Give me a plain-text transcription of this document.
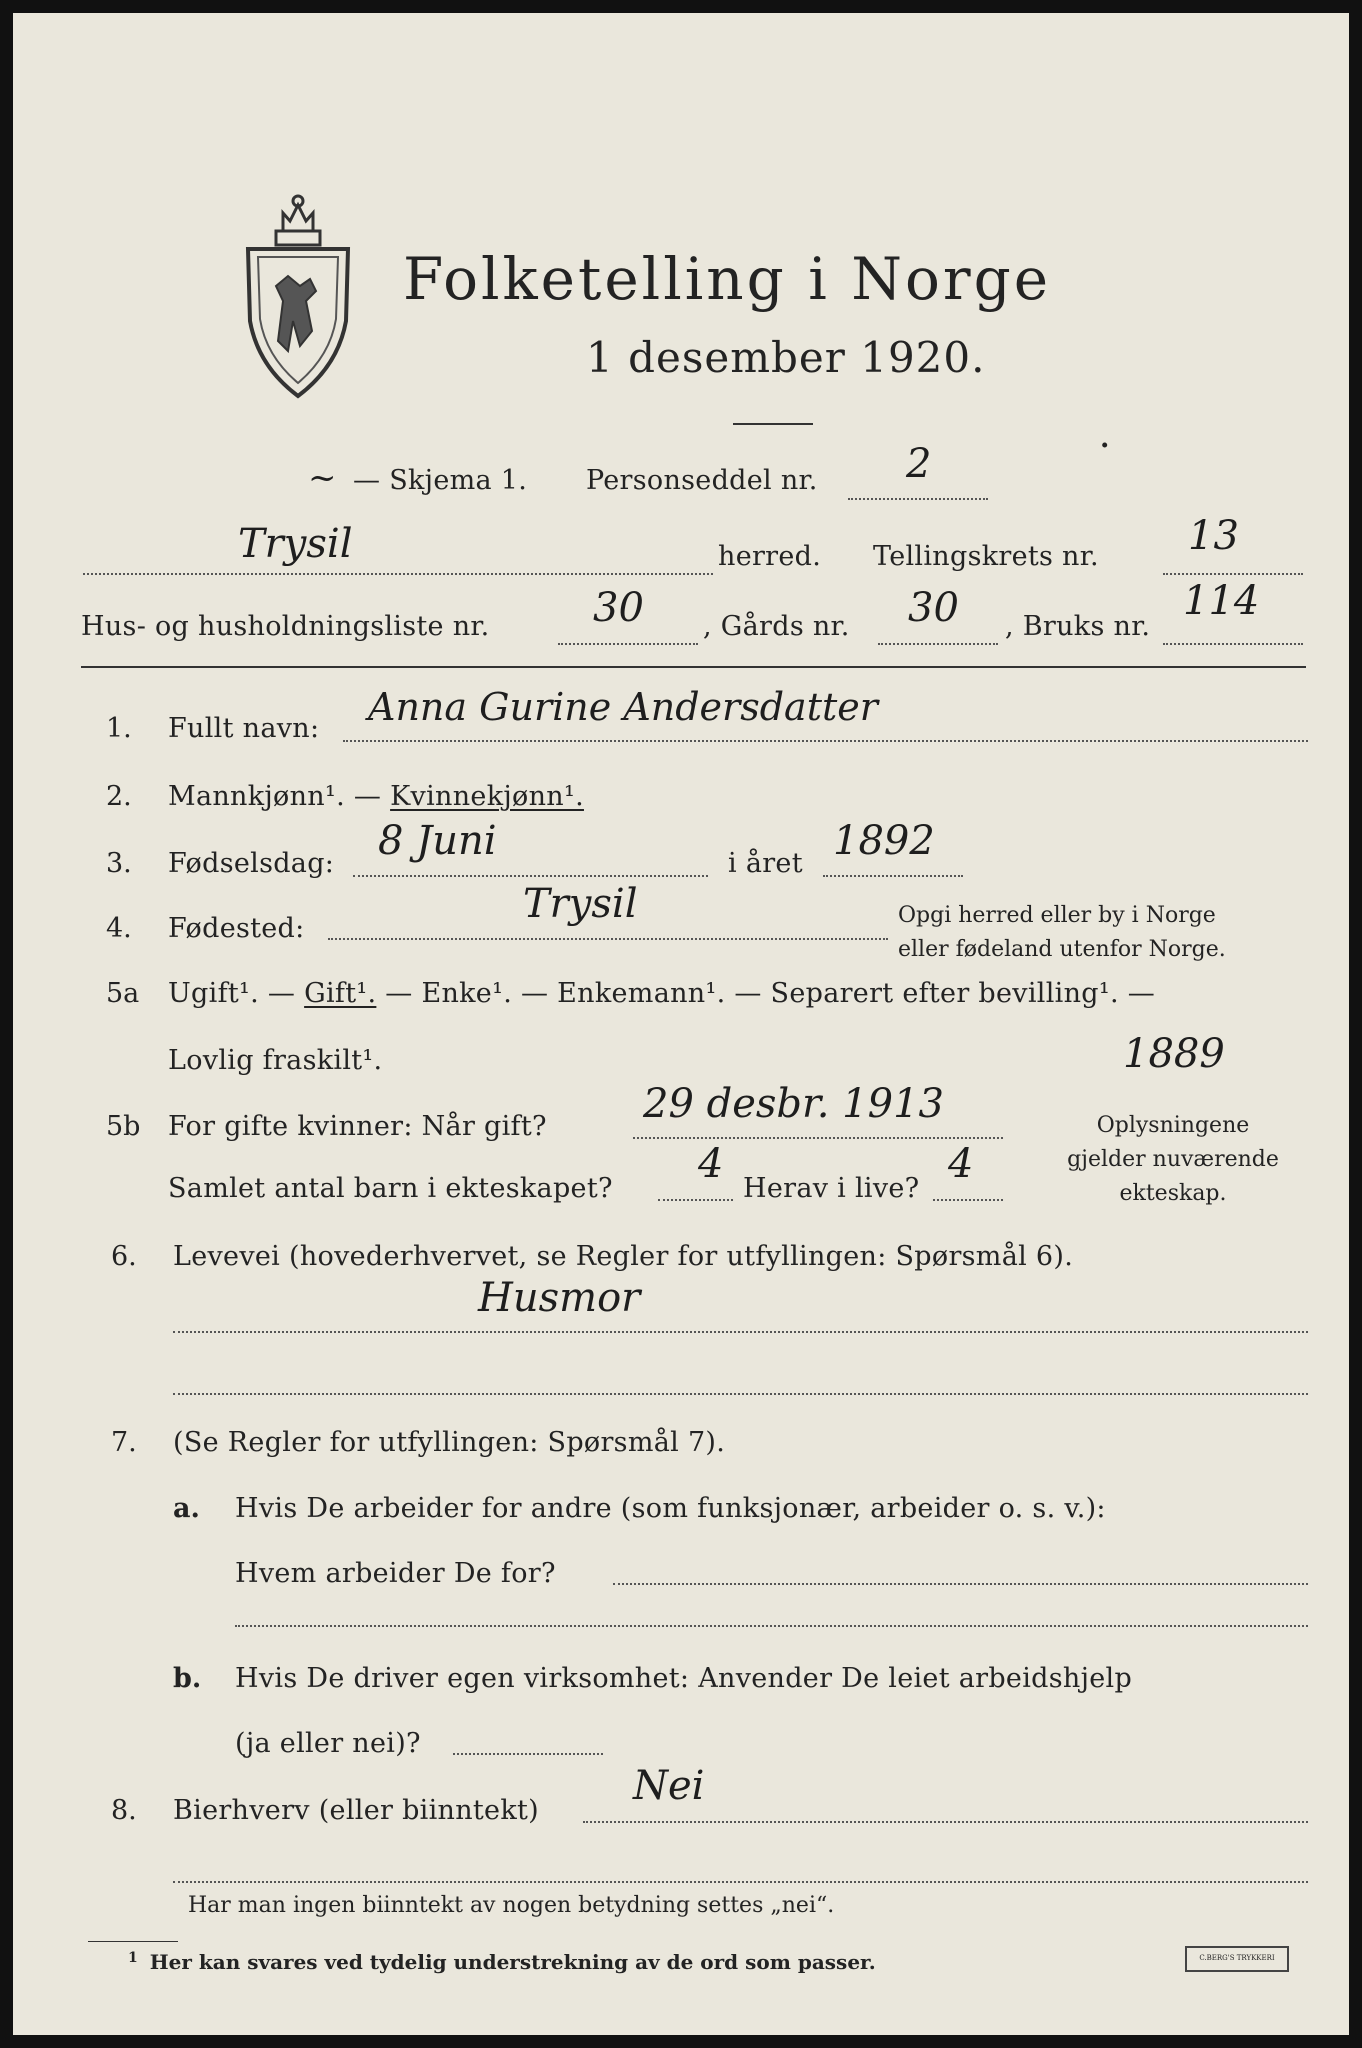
Folketelling i Norge
1 desember 1920.
.
~ — Skjema 1. Personseddel nr. 2
Trysil	herred. Tellingskrets nr. 13
Hus- og husholdningsliste nr.	30 , Gårds nr. 30 , Bruks nr.
114
1. Fullt navn: Anna Gurine Andersdatter
2. Mannkjønn¹. — Kvinnekjønn¹.
3. Fødselsdag: 8 Juni	i året 1892
4. Fødested:
Trysil	Opgi herred eller by i Norge
eller fødeland utenfor Norge.
5a Ugift¹. — Gift¹. — Enke¹. — Enkemann¹. — Separert efter bevilling¹. —
Lovlig fraskilt¹.	1889
5b For gifte kvinner: Når gift? 29 desbr. 1913
Samlet antal barn i ekteskapet?
4
Herav i live?
4
Oplysningene
gjelder nuværende
ekteskap.
6. Levevei (hovederhvervet, se Regler for utfyllingen: Spørsmål 6).
Husmor
7. (Se Regler for utfyllingen: Spørsmål 7).
a. Hvis De arbeider for andre (som funksjonær, arbeider o. s. v.):
Hvem arbeider De for?
b. Hvis De driver egen virksomhet: Anvender De leiet arbeidshjelp
(ja eller nei)?
8. Bierhverv (eller biinntekt)
Nei
Har man ingen biinntekt av nogen betydning settes „nei“.
$^1$ Her kan svares ved tydelig understrekning av de ord som passer.	C.BERG'S TRYKKERI
